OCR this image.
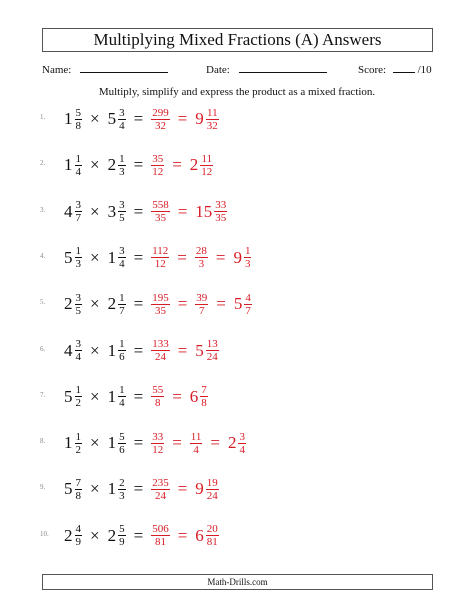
Multiplying Mixed Fractions (A) Answers
Name:	Date:	Score:	/10
Multiply, simplify and express the product as a mixed fraction.
1. $1 \frac{5}{8} \times 5 \frac{3}{4} = \frac{299}{32} = 9 \frac{11}{32}$
2. $1 \frac{1}{4} \times 2 \frac{1}{3} = \frac{35}{12} = 2 \frac{11}{12}$
3. $4 \frac{3}{7} \times 3 \frac{3}{5} = \frac{558}{35} = 15 \frac{33}{35}$
4. $5 \frac{1}{3} \times 1 \frac{3}{4} = \frac{112}{12} = \frac{28}{3} = 9 \frac{1}{3}$
5. $2 \frac{3}{5} \times 2 \frac{1}{7} = \frac{195}{35} = \frac{39}{7} = 5 \frac{4}{7}$
6. $4 \frac{3}{4} \times 1 \frac{1}{6} = \frac{133}{24} = 5 \frac{13}{24}$
7. $5 \frac{1}{2} \times 1 \frac{1}{4} = \frac{55}{8} = 6 \frac{7}{8}$
8. $1 \frac{1}{2} \times 1 \frac{5}{6} = \frac{33}{12} = \frac{11}{4} = 2 \frac{3}{4}$
9. $5 \frac{7}{8} \times 1 \frac{2}{3} = \frac{235}{24} = 9 \frac{19}{24}$
10. $2 \frac{4}{9} \times 2 \frac{5}{9} = \frac{506}{81} = 6 \frac{20}{81}$
Math-Drills.com
